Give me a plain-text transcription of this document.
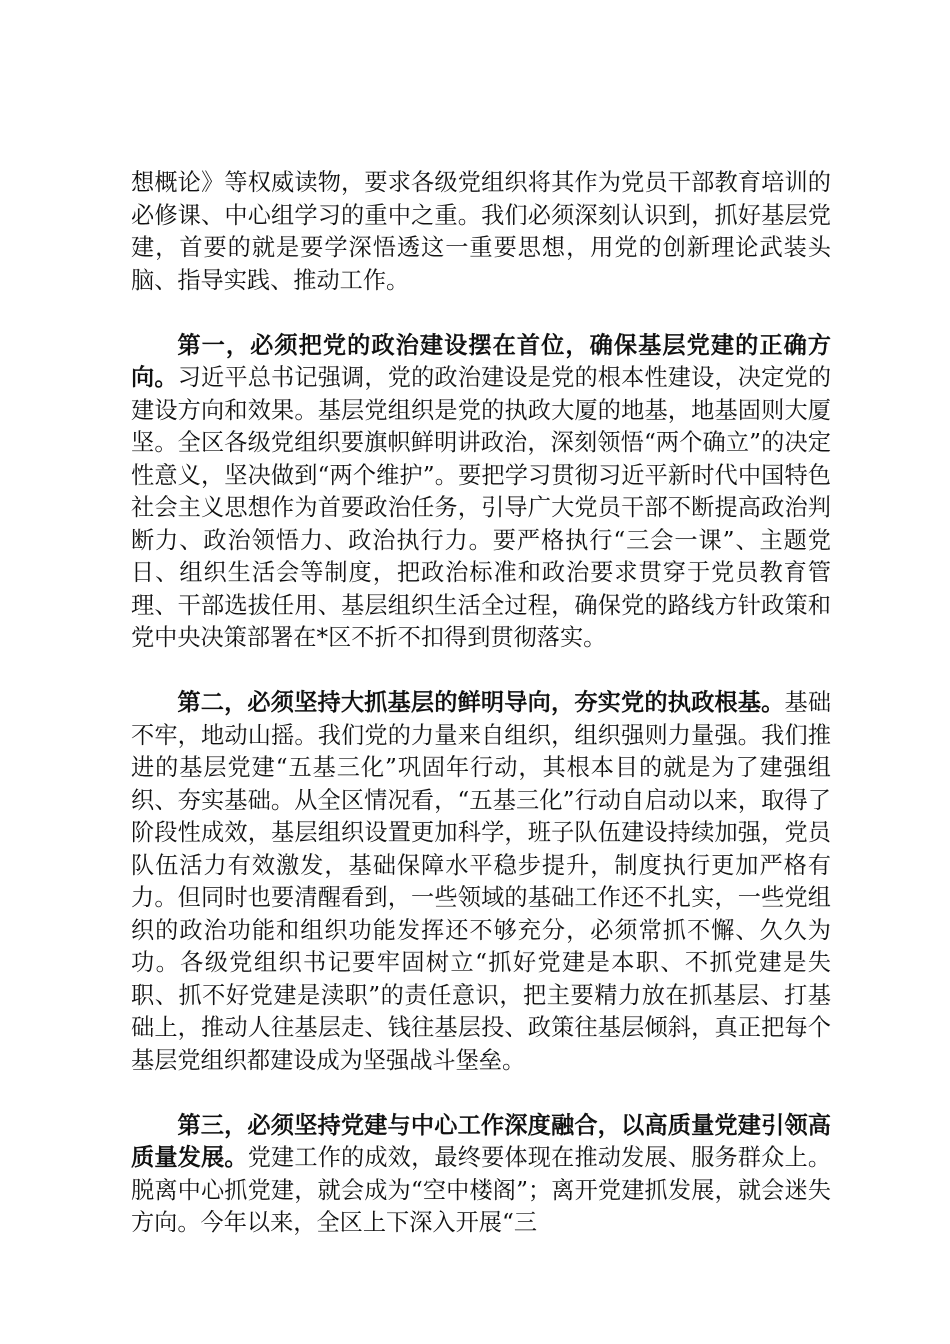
想概论》等权威读物，要求各级党组织将其作为党员干部教育培训的必修课、中心组学习的重中之重。我们必须深刻认识到，抓好基层党建，首要的就是要学深悟透这一重要思想，用党的创新理论武装头脑、指导实践、推动工作。

第一，必须把党的政治建设摆在首位，确保基层党建的正确方向。习近平总书记强调，党的政治建设是党的根本性建设，决定党的建设方向和效果。基层党组织是党的执政大厦的地基，地基固则大厦坚。全区各级党组织要旗帜鲜明讲政治，深刻领悟“两个确立”的决定性意义，坚决做到“两个维护”。要把学习贯彻习近平新时代中国特色社会主义思想作为首要政治任务，引导广大党员干部不断提高政治判断力、政治领悟力、政治执行力。要严格执行“三会一课”、主题党日、组织生活会等制度，把政治标准和政治要求贯穿于党员教育管理、干部选拔任用、基层组织生活全过程，确保党的路线方针政策和党中央决策部署在*区不折不扣得到贯彻落实。

第二，必须坚持大抓基层的鲜明导向，夯实党的执政根基。基础不牢，地动山摇。我们党的力量来自组织，组织强则力量强。我们推进的基层党建“五基三化”巩固年行动，其根本目的就是为了建强组织、夯实基础。从全区情况看，“五基三化”行动自启动以来，取得了阶段性成效，基层组织设置更加科学，班子队伍建设持续加强，党员队伍活力有效激发，基础保障水平稳步提升，制度执行更加严格有力。但同时也要清醒看到，一些领域的基础工作还不扎实，一些党组织的政治功能和组织功能发挥还不够充分，必须常抓不懈、久久为功。各级党组织书记要牢固树立“抓好党建是本职、不抓党建是失职、抓不好党建是渎职”的责任意识，把主要精力放在抓基层、打基础上，推动人往基层走、钱往基层投、政策往基层倾斜，真正把每个基层党组织都建设成为坚强战斗堡垒。

第三，必须坚持党建与中心工作深度融合，以高质量党建引领高质量发展。党建工作的成效，最终要体现在推动发展、服务群众上。脱离中心抓党建，就会成为“空中楼阁”；离开党建抓发展，就会迷失方向。今年以来，全区上下深入开展“三
